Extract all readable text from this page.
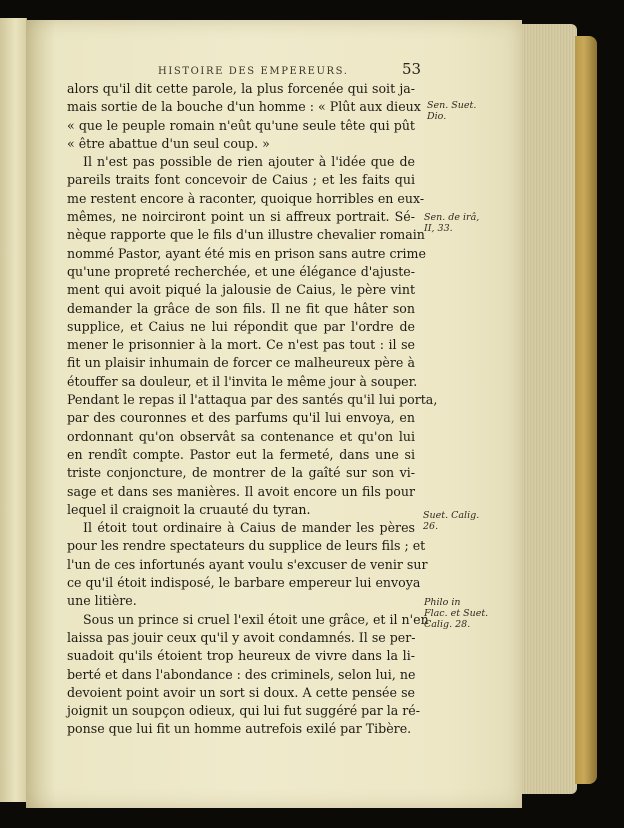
HISTOIRE DES EMPEREURS.	53
alors qu'il dit cette parole, la plus forcenée qui soit ja-
mais sortie de la bouche d'un homme : « Plût aux dieux
« que le peuple romain n'eût qu'une seule tête qui pût
« être abattue d'un seul coup. »
Il n'est pas possible de rien ajouter à l'idée que de
pareils traits font concevoir de Caius ; et les faits qui
me restent encore à raconter, quoique horribles en eux-
mêmes, ne noirciront point un si affreux portrait. Sé-
nèque rapporte que le fils d'un illustre chevalier romain
nommé Pastor, ayant été mis en prison sans autre crime
qu'une propreté recherchée, et une élégance d'ajuste-
ment qui avoit piqué la jalousie de Caius, le père vint
demander la grâce de son fils. Il ne fit que hâter son
supplice, et Caius ne lui répondit que par l'ordre de
mener le prisonnier à la mort. Ce n'est pas tout : il se
fit un plaisir inhumain de forcer ce malheureux père à
étouffer sa douleur, et il l'invita le même jour à souper.
Pendant le repas il l'attaqua par des santés qu'il lui porta,
par des couronnes et des parfums qu'il lui envoya, en
ordonnant qu'on observât sa contenance et qu'on lui
en rendît compte. Pastor eut la fermeté, dans une si
triste conjoncture, de montrer de la gaîté sur son vi-
sage et dans ses manières. Il avoit encore un fils pour
lequel il craignoit la cruauté du tyran.
Il étoit tout ordinaire à Caius de mander les pères
pour les rendre spectateurs du supplice de leurs fils ; et
l'un de ces infortunés ayant voulu s'excuser de venir sur
ce qu'il étoit indisposé, le barbare empereur lui envoya
une litière.
Sous un prince si cruel l'exil étoit une grâce, et il n'en
laissa pas jouir ceux qu'il y avoit condamnés. Il se per-
suadoit qu'ils étoient trop heureux de vivre dans la li-
berté et dans l'abondance : des criminels, selon lui, ne
devoient point avoir un sort si doux. A cette pensée se
joignit un soupçon odieux, qui lui fut suggéré par la ré-
ponse que lui fit un homme autrefois exilé par Tibère.
Sen. Suet.
Dio.
Sen. de irâ,
II, 33.
Suet. Calig.
26.
Philo in
Flac. et Suet.
Calig. 28.
